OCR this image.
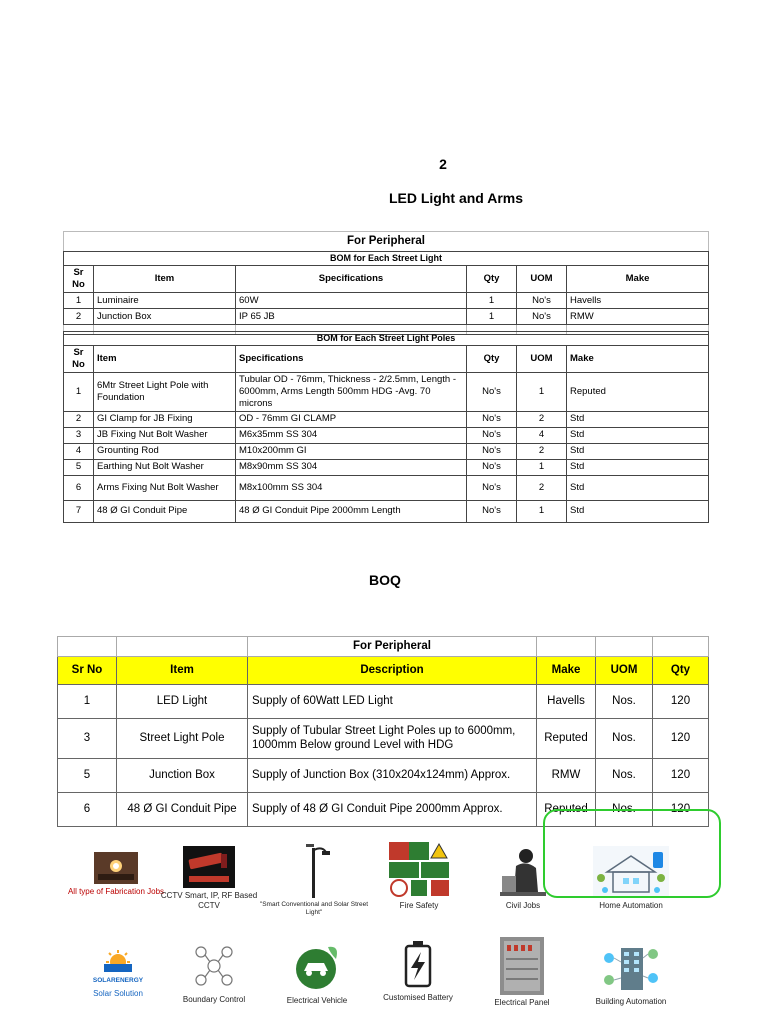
2
LED Light and Arms
For Peripheral					
BOM for Each Street Light					
Sr No	Item	Specifications	Qty	UOM	Make
1	Luminaire	60W	1	No's	Havells
2	Junction Box	IP 65 JB	1	No's	RMW

BOM for Each Street Light Poles					
Sr No	Item	Specifications	Qty	UOM	Make
1	6Mtr Street Light Pole with Foundation	Tubular OD - 76mm, Thickness - 2/2.5mm, Length - 6000mm, Arms Length 500mm HDG -Avg. 70 microns	No's	1	Reputed
2	GI Clamp for JB Fixing	OD - 76mm GI CLAMP	No's	2	Std
3	JB Fixing Nut Bolt Washer	M6x35mm SS 304	No's	4	Std
4	Grounting Rod	M10x200mm GI	No's	2	Std
5	Earthing Nut Bolt Washer	M8x90mm SS 304	No's	1	Std
6	Arms Fixing Nut Bolt Washer	M8x100mm SS 304	No's	2	Std
7	48 Ø GI Conduit Pipe	48 Ø GI Conduit Pipe 2000mm Length	No's	1	Std
BOQ
		For Peripheral			
Sr No	Item	Description	Make	UOM	Qty
1	LED Light	Supply of 60Watt LED Light	Havells	Nos.	120
3	Street Light Pole	Supply of Tubular Street Light Poles up to 6000mm, 1000mm Below ground Level with HDG	Reputed	Nos.	120
5	Junction Box	Supply of Junction Box (310x204x124mm) Approx.	RMW	Nos.	120
6	48 Ø GI Conduit Pipe	Supply of 48 Ø GI Conduit Pipe 2000mm Approx.	Reputed	Nos.	120
All type of Fabrication Jobs
CCTV Smart, IP, RF Based CCTV	"Smart Conventional and Solar Street Light"
Fire Safety	Civil Jobs	Home Automation
SOLARENERGY
Solar Solution
Boundary Control	Electrical Vehicle	Customised Battery
Electrical Panel	Building Automation
